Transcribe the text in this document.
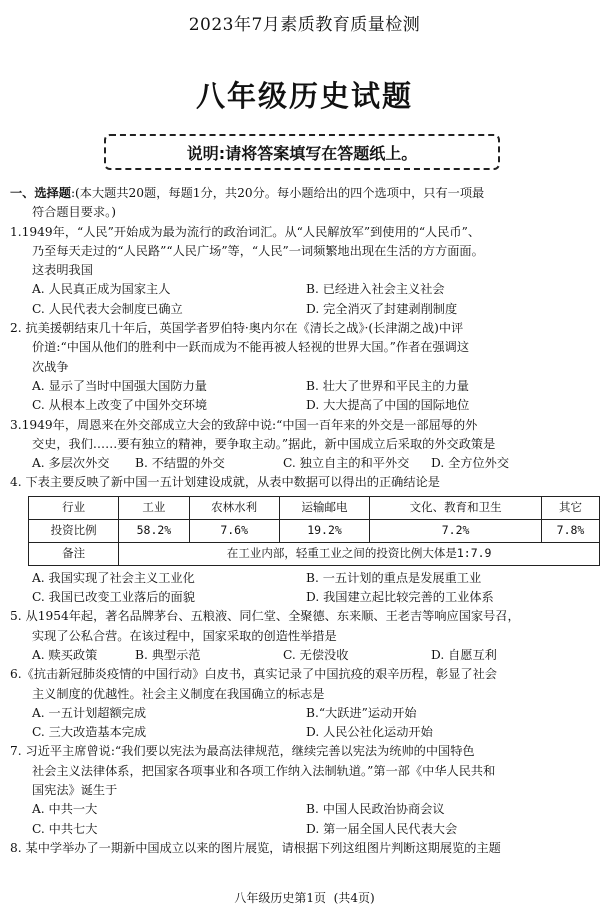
2023年7月素质教育质量检测
八年级历史试题
说明:请将答案填写在答题纸上。
一、选择题:(本大题共20题，每题1分，共20分。每小题给出的四个选项中，只有一项最
符合题目要求。)
1.1949年，“人民”开始成为最为流行的政治词汇。从“人民解放军”到使用的“人民币”、
乃至每天走过的“人民路”“人民广场”等，“人民”一词频繁地出现在生活的方方面面。
这表明我国
A. 人民真正成为国家主人	B. 已经进入社会主义社会
C. 人民代表大会制度已确立	D. 完全消灭了封建剥削制度
2. 抗美援朝结束几十年后，英国学者罗伯特·奥内尔在《清长之战》·(长津湖之战)中评
价道:“中国从他们的胜利中一跃而成为不能再被人轻视的世界大国。”作者在强调这
次战争
A. 显示了当时中国强大国防力量	B. 壮大了世界和平民主的力量
C. 从根本上改变了中国外交环境	D. 大大提高了中国的国际地位
3.1949年，周恩来在外交部成立大会的致辞中说:“中国一百年来的外交是一部屈辱的外
交史，我们……要有独立的精神，要争取主动。”据此，新中国成立后采取的外交政策是
A. 多层次外交	B. 不结盟的外交	C. 独立自主的和平外交	D. 全方位外交
4. 下表主要反映了新中国一五计划建设成就，从表中数据可以得出的正确结论是
行业	工业	农林水利	运输邮电	文化、教育和卫生	其它
投资比例	58.2%	7.6%	19.2%	7.2%	7.8%
备注	在工业内部，轻重工业之间的投资比例大体是1:7.9				
A. 我国实现了社会主义工业化	B. 一五计划的重点是发展重工业
C. 我国已改变工业落后的面貌	D. 我国建立起比较完善的工业体系
5. 从1954年起，著名品牌茅台、五粮液、同仁堂、全聚德、东来顺、王老吉等响应国家号召，
实现了公私合营。在该过程中，国家采取的创造性举措是
A. 赎买政策	B. 典型示范	C. 无偿没收	D. 自愿互利
6.《抗击新冠肺炎疫情的中国行动》白皮书，真实记录了中国抗疫的艰辛历程，彰显了社会
主义制度的优越性。社会主义制度在我国确立的标志是
A. 一五计划超额完成	B.“大跃进”运动开始
C. 三大改造基本完成	D. 人民公社化运动开始
7. 习近平主席曾说:“我们要以宪法为最高法律规范，继续完善以宪法为统帅的中国特色
社会主义法律体系，把国家各项事业和各项工作纳入法制轨道。”第一部《中华人民共和
国宪法》诞生于
A. 中共一大	B. 中国人民政治协商会议
C. 中共七大	D. 第一届全国人民代表大会
8. 某中学举办了一期新中国成立以来的图片展览，请根据下列这组图片判断这期展览的主题
八年级历史第1页 (共4页)
